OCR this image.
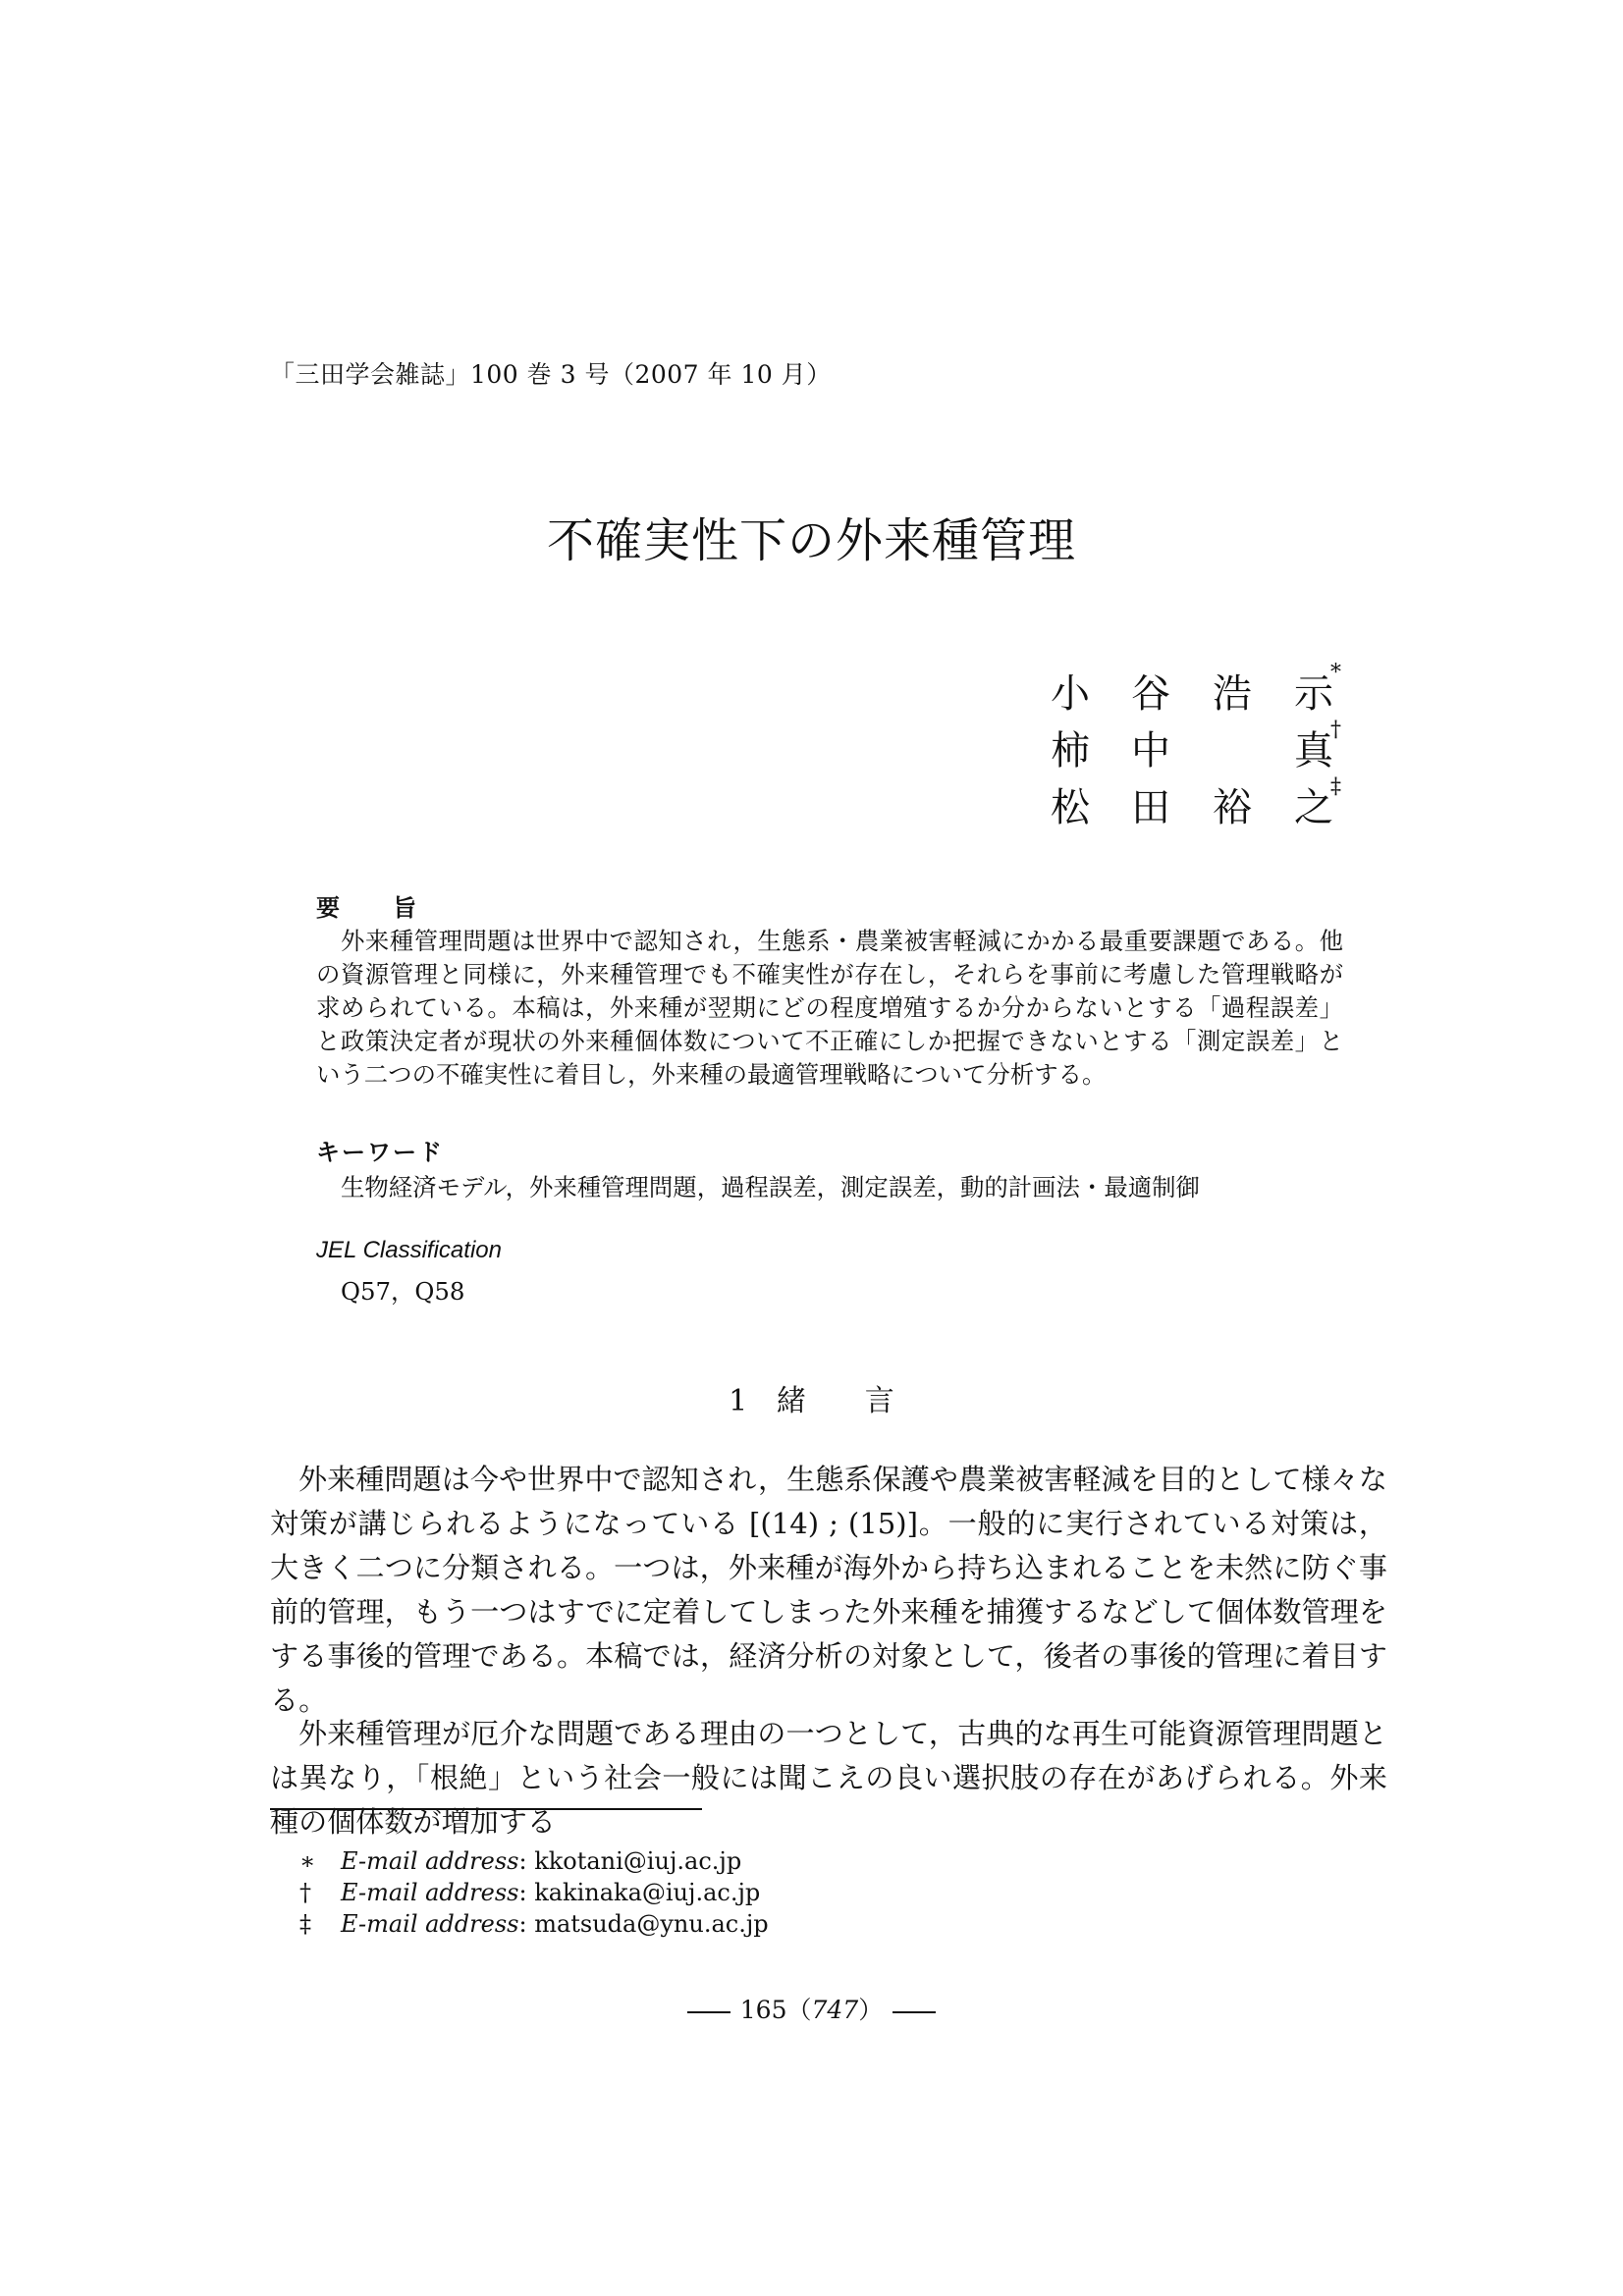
「三田学会雑誌」100 巻 3 号（2007 年 10 月）
不確実性下の外来種管理
小 谷 浩 示
*
柿 中	真
†
松 田 裕 之
‡
要　　旨
外来種管理問題は世界中で認知され，生態系・農業被害軽減にかかる最重要課題である。他の資源管理と同様に，外来種管理でも不確実性が存在し，それらを事前に考慮した管理戦略が求められている。本稿は，外来種が翌期にどの程度増殖するか分からないとする「過程誤差」と政策決定者が現状の外来種個体数について不正確にしか把握できないとする「測定誤差」という二つの不確実性に着目し，外来種の最適管理戦略について分析する。
キーワード
生物経済モデル，外来種管理問題，過程誤差，測定誤差，動的計画法・最適制御
JEL Classification
Q57，Q58
1 緒　　言
外来種問題は今や世界中で認知され，生態系保護や農業被害軽減を目的として様々な対策が講じられるようになっている [(14) ; (15)]。一般的に実行されている対策は，大きく二つに分類される。一つは，外来種が海外から持ち込まれることを未然に防ぐ事前的管理，もう一つはすでに定着してしまった外来種を捕獲するなどして個体数管理をする事後的管理である。本稿では，経済分析の対象として，後者の事後的管理に着目する。
外来種管理が厄介な問題である理由の一つとして，古典的な再生可能資源管理問題とは異なり，「根絶」という社会一般には聞こえの良い選択肢の存在があげられる。外来種の個体数が増加する
∗ E-mail address: kkotani@iuj.ac.jp
† E-mail address: kakinaka@iuj.ac.jp
‡ E-mail address: matsuda@ynu.ac.jp
165（747）
